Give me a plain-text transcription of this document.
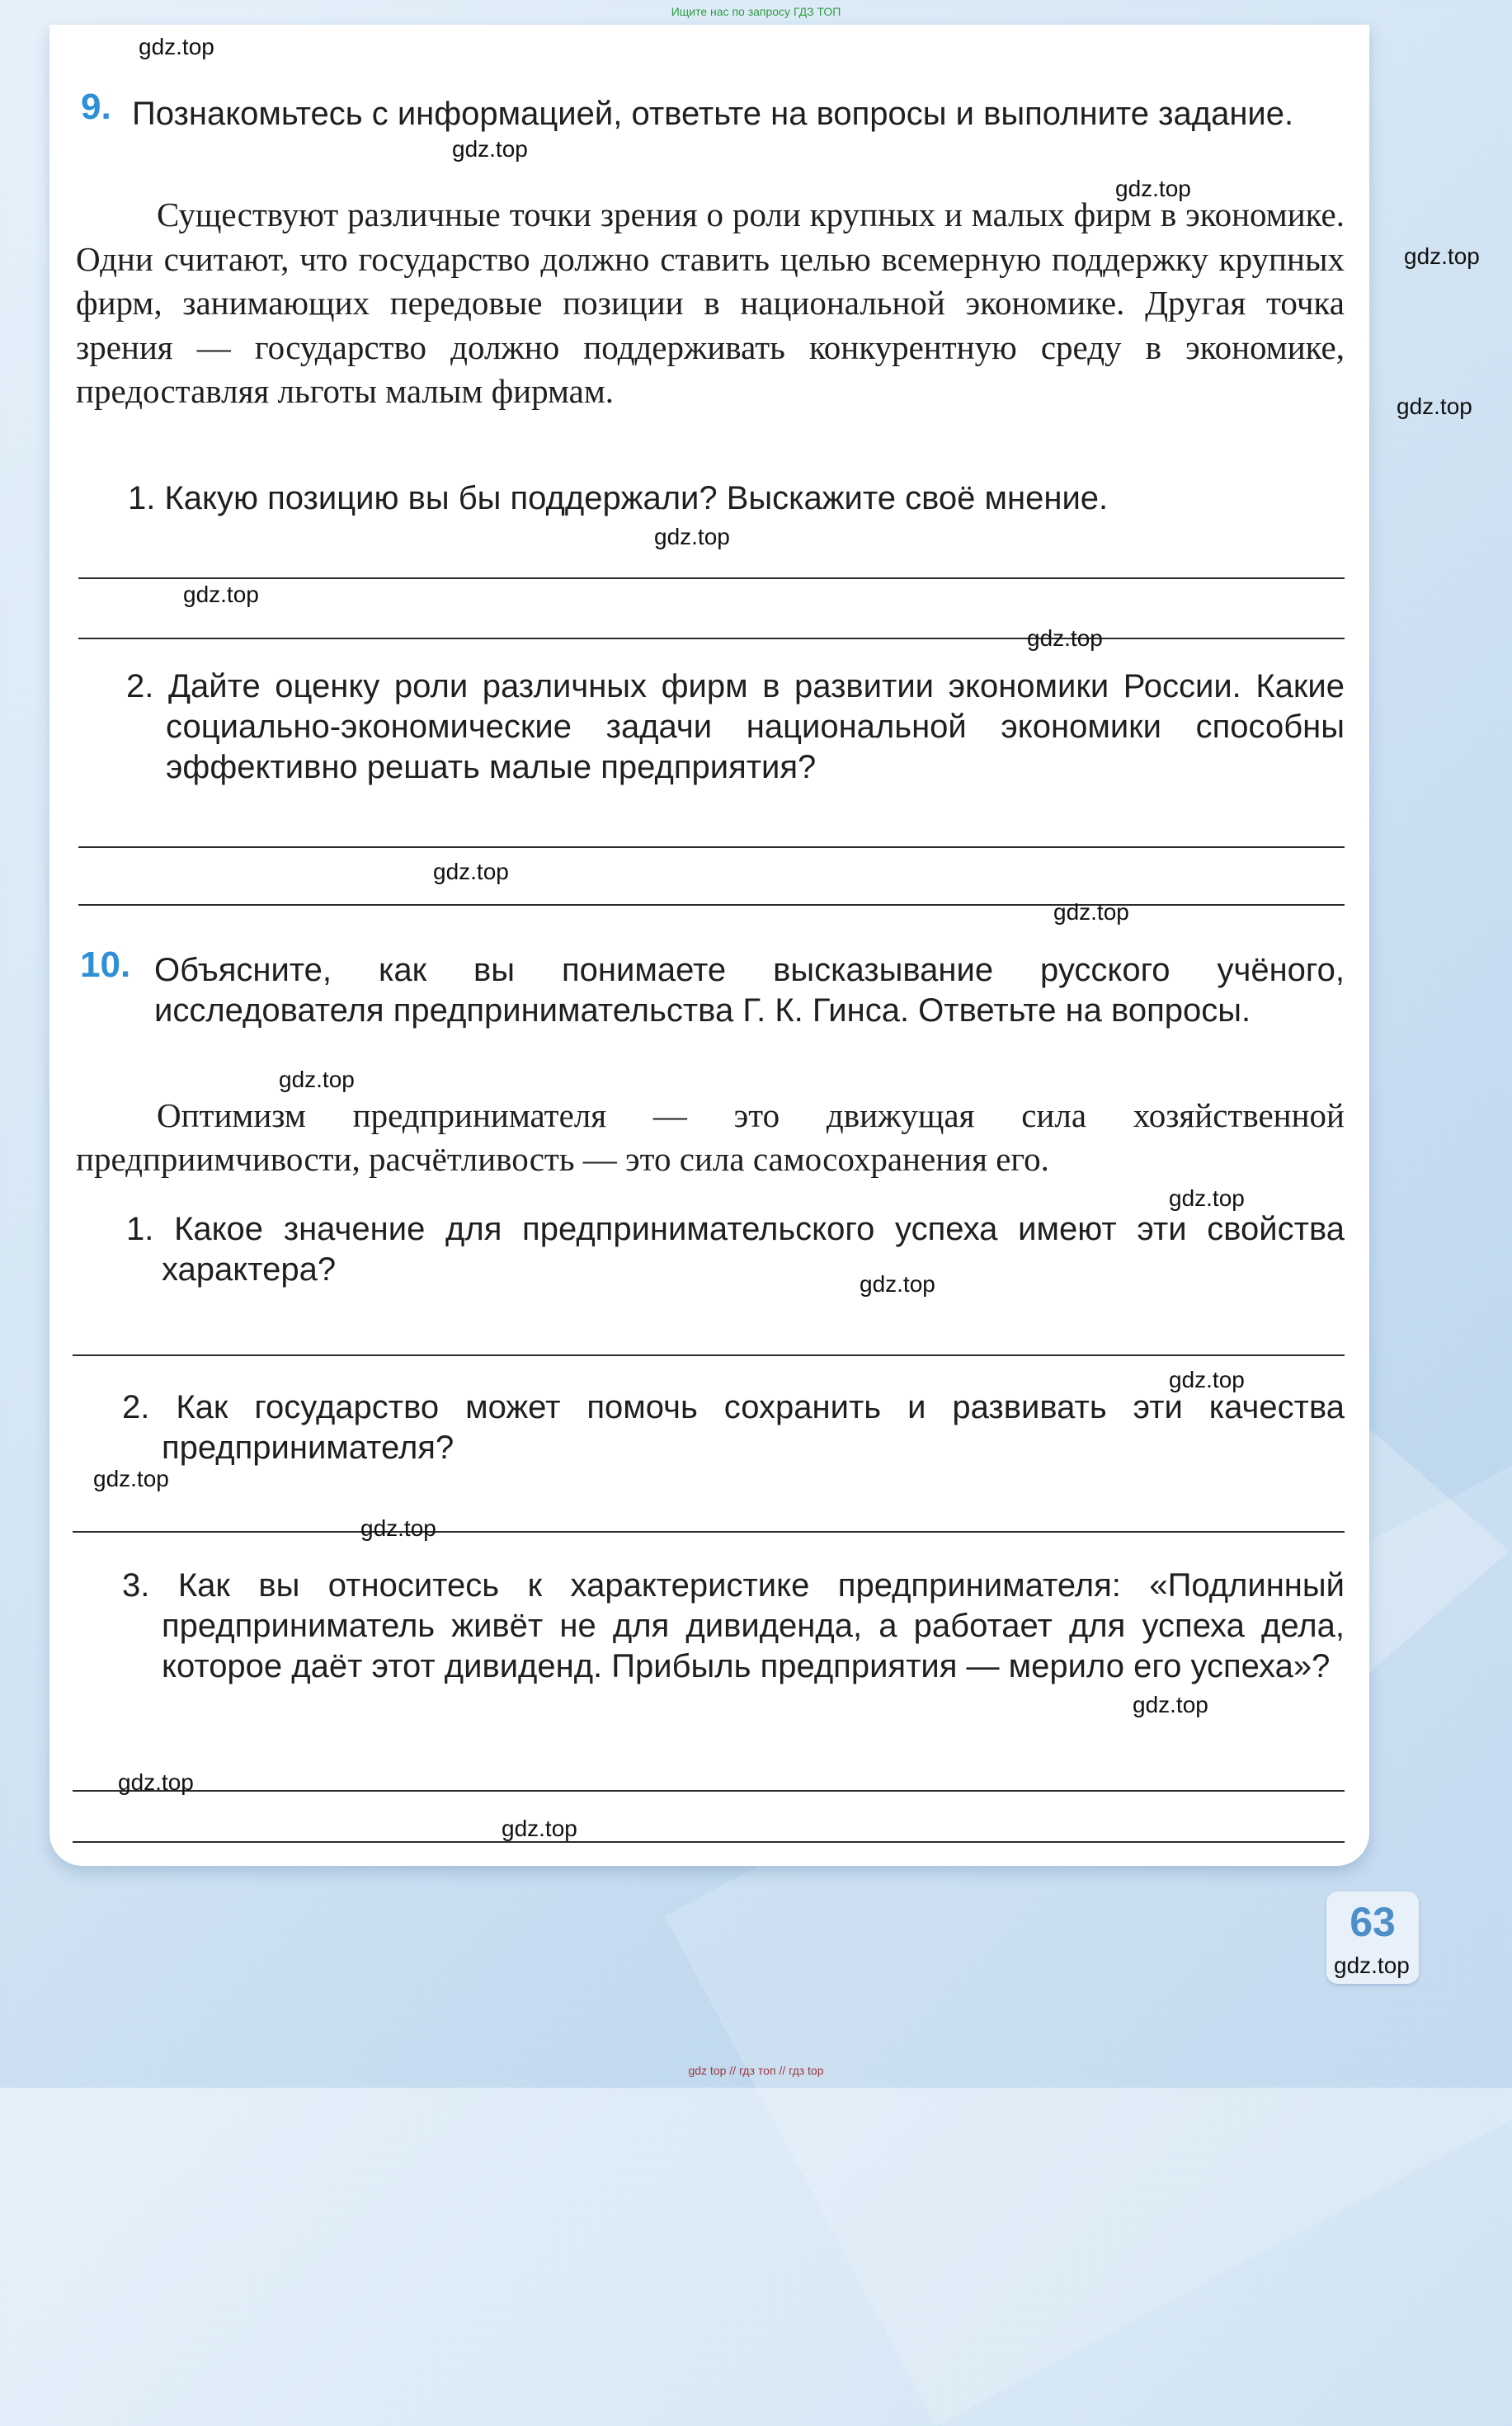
Ищите нас по запросу ГДЗ ТОП
9. Познакомьтесь с информацией, ответьте на вопросы и выполните задание.
Существуют различные точки зрения о роли крупных и малых фирм в экономике. Одни считают, что государство должно ставить целью всемерную поддержку крупных фирм, занимающих передовые позиции в национальной экономике. Другая точка зрения — государство должно поддерживать конкурентную среду в экономике, предоставляя льготы малым фирмам.
1. Какую позицию вы бы поддержали? Выскажите своё мнение.
2. Дайте оценку роли различных фирм в развитии экономики России. Какие социально-экономические задачи национальной экономики способны эффективно решать малые предприятия?
10. Объясните, как вы понимаете высказывание русского учёного, исследователя предпринимательства Г. К. Гинса. Ответьте на вопросы.
Оптимизм предпринимателя — это движущая сила хозяйственной предприимчивости, расчётливость — это сила самосохранения его.
1. Какое значение для предпринимательского успеха имеют эти свойства характера?
2. Как государство может помочь сохранить и развивать эти качества предпринимателя?
3. Как вы относитесь к характеристике предпринимателя: «Подлинный предприниматель живёт не для дивиденда, а работает для успеха дела, которое даёт этот дивиденд. Прибыль предприятия — мерило его успеха»?
63
gdz.top
gdz.top
gdz.top
gdz.top
gdz.top
gdz.top
gdz.top
gdz.top
gdz.top
gdz.top
gdz.top
gdz.top
gdz.top
gdz.top
gdz.top
gdz.top
gdz.top
gdz.top
gdz.top
gdz.top
gdz top // гдз топ // гдз top
